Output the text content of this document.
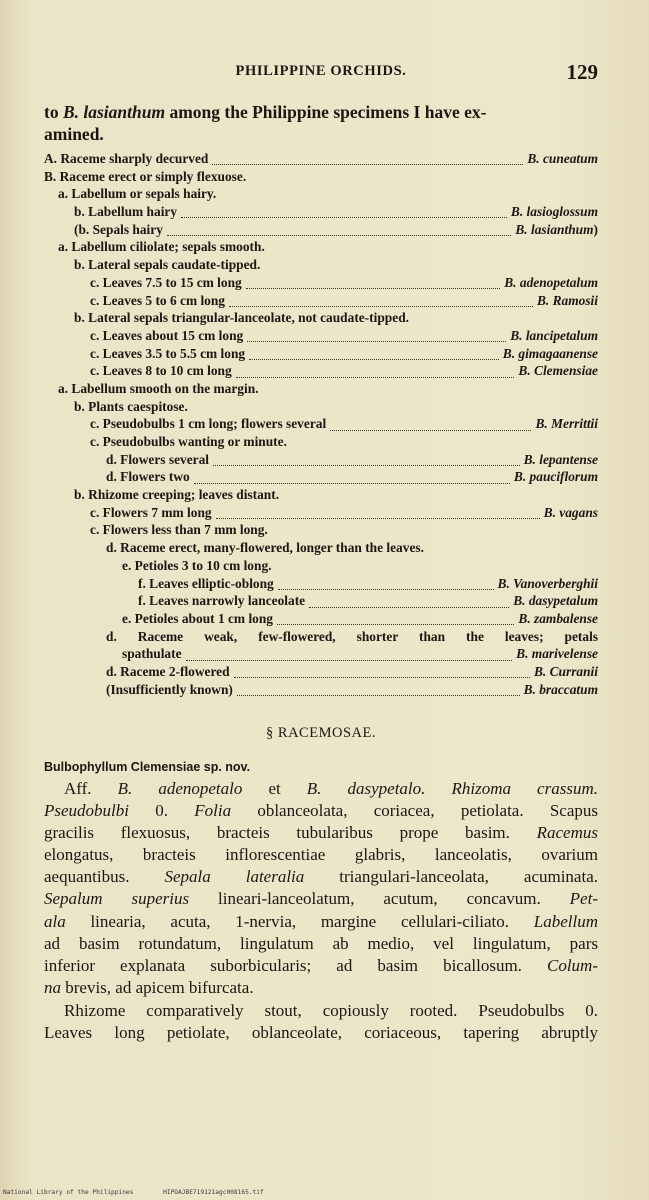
PHILIPPINE ORCHIDS.	129
to B. lasianthum among the Philippine specimens I have ex-
amined.
A. Raceme sharply decurved	B. cuneatum
B. Raceme erect or simply flexuose.
a. Labellum or sepals hairy.
b. Labellum hairy	B. lasioglossum
(b. Sepals hairy	B. lasianthum )
a. Labellum ciliolate; sepals smooth.
b. Lateral sepals caudate-tipped.
c. Leaves 7.5 to 15 cm long	B. adenopetalum
c. Leaves 5 to 6 cm long	B. Ramosii
b. Lateral sepals triangular-lanceolate, not caudate-tipped.
c. Leaves about 15 cm long	B. lancipetalum
c. Leaves 3.5 to 5.5 cm long	B. gimagaanense
c. Leaves 8 to 10 cm long	B. Clemensiae
a. Labellum smooth on the margin.
b. Plants caespitose.
c. Pseudobulbs 1 cm long; flowers several	B. Merrittii
c. Pseudobulbs wanting or minute.
d. Flowers several	B. lepantense
d. Flowers two	B. pauciflorum
b. Rhizome creeping; leaves distant.
c. Flowers 7 mm long	B. vagans
c. Flowers less than 7 mm long.
d. Raceme erect, many-flowered, longer than the leaves.
e. Petioles 3 to 10 cm long.
f. Leaves elliptic-oblong	B. Vanoverberghii
f. Leaves narrowly lanceolate	B. dasypetalum
e. Petioles about 1 cm long	B. zambalense
d. Raceme weak, few-flowered, shorter than the leaves; petals
spathulate	B. marivelense
d. Raceme 2-flowered	B. Curranii
(Insufficiently known)	B. braccatum
§ RACEMOSAE.
Bulbophyllum Clemensiae sp. nov.
Aff. B. adenopetalo et B. dasypetalo. Rhizoma crassum.
Pseudobulbi 0. Folia oblanceolata, coriacea, petiolata. Scapus
gracilis flexuosus, bracteis tubularibus prope basim. Racemus
elongatus, bracteis inflorescentiae glabris, lanceolatis, ovarium
aequantibus. Sepala lateralia triangulari-lanceolata, acuminata.
Sepalum superius lineari-lanceolatum, acutum, concavum. Pet-
ala linearia, acuta, 1-nervia, margine cellulari-ciliato. Labellum
ad basim rotundatum, lingulatum ab medio, vel lingulatum, pars
inferior explanata suborbicularis; ad basim bicallosum. Colum-
na brevis, ad apicem bifurcata.
Rhizome comparatively stout, copiously rooted. Pseudobulbs 0.
Leaves long petiolate, oblanceolate, coriaceous, tapering abruptly
National Library of the Philippines	HIPOAJBE719121agc008165.tif
